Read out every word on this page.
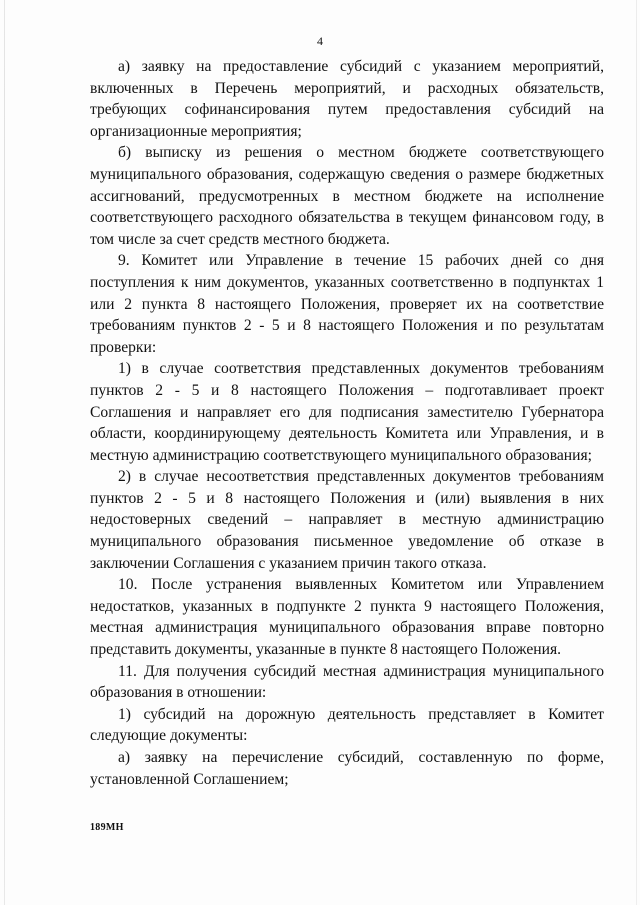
4

а) заявку на предоставление субсидий с указанием мероприятий, включенных в Перечень мероприятий, и расходных обязательств, требующих софинансирования путем предоставления субсидий на организационные мероприятия;

б) выписку из решения о местном бюджете соответствующего муниципального образования, содержащую сведения о размере бюджетных ассигнований, предусмотренных в местном бюджете на исполнение соответствующего расходного обязательства в текущем финансовом году, в том числе за счет средств местного бюджета.

9. Комитет или Управление в течение 15 рабочих дней со дня поступления к ним документов, указанных соответственно в подпунктах 1 или 2 пункта 8 настоящего Положения, проверяет их на соответствие требованиям пунктов 2 - 5 и 8 настоящего Положения и по результатам проверки:

1) в случае соответствия представленных документов требованиям пунктов 2 - 5 и 8 настоящего Положения – подготавливает проект Соглашения и направляет его для подписания заместителю Губернатора области, координирующему деятельность Комитета или Управления, и в местную администрацию соответствующего муниципального образования;

2) в случае несоответствия представленных документов требованиям пунктов 2 - 5 и 8 настоящего Положения и (или) выявления в них недостоверных сведений – направляет в местную администрацию муниципального образования письменное уведомление об отказе в заключении Соглашения с указанием причин такого отказа.

10. После устранения выявленных Комитетом или Управлением недостатков, указанных в подпункте 2 пункта 9 настоящего Положения, местная администрация муниципального образования вправе повторно представить документы, указанные в пункте 8 настоящего Положения.

11. Для получения субсидий местная администрация муниципального образования в отношении:

1) субсидий на дорожную деятельность представляет в Комитет следующие документы:

а) заявку на перечисление субсидий, составленную по форме, установленной Соглашением;

189МН
